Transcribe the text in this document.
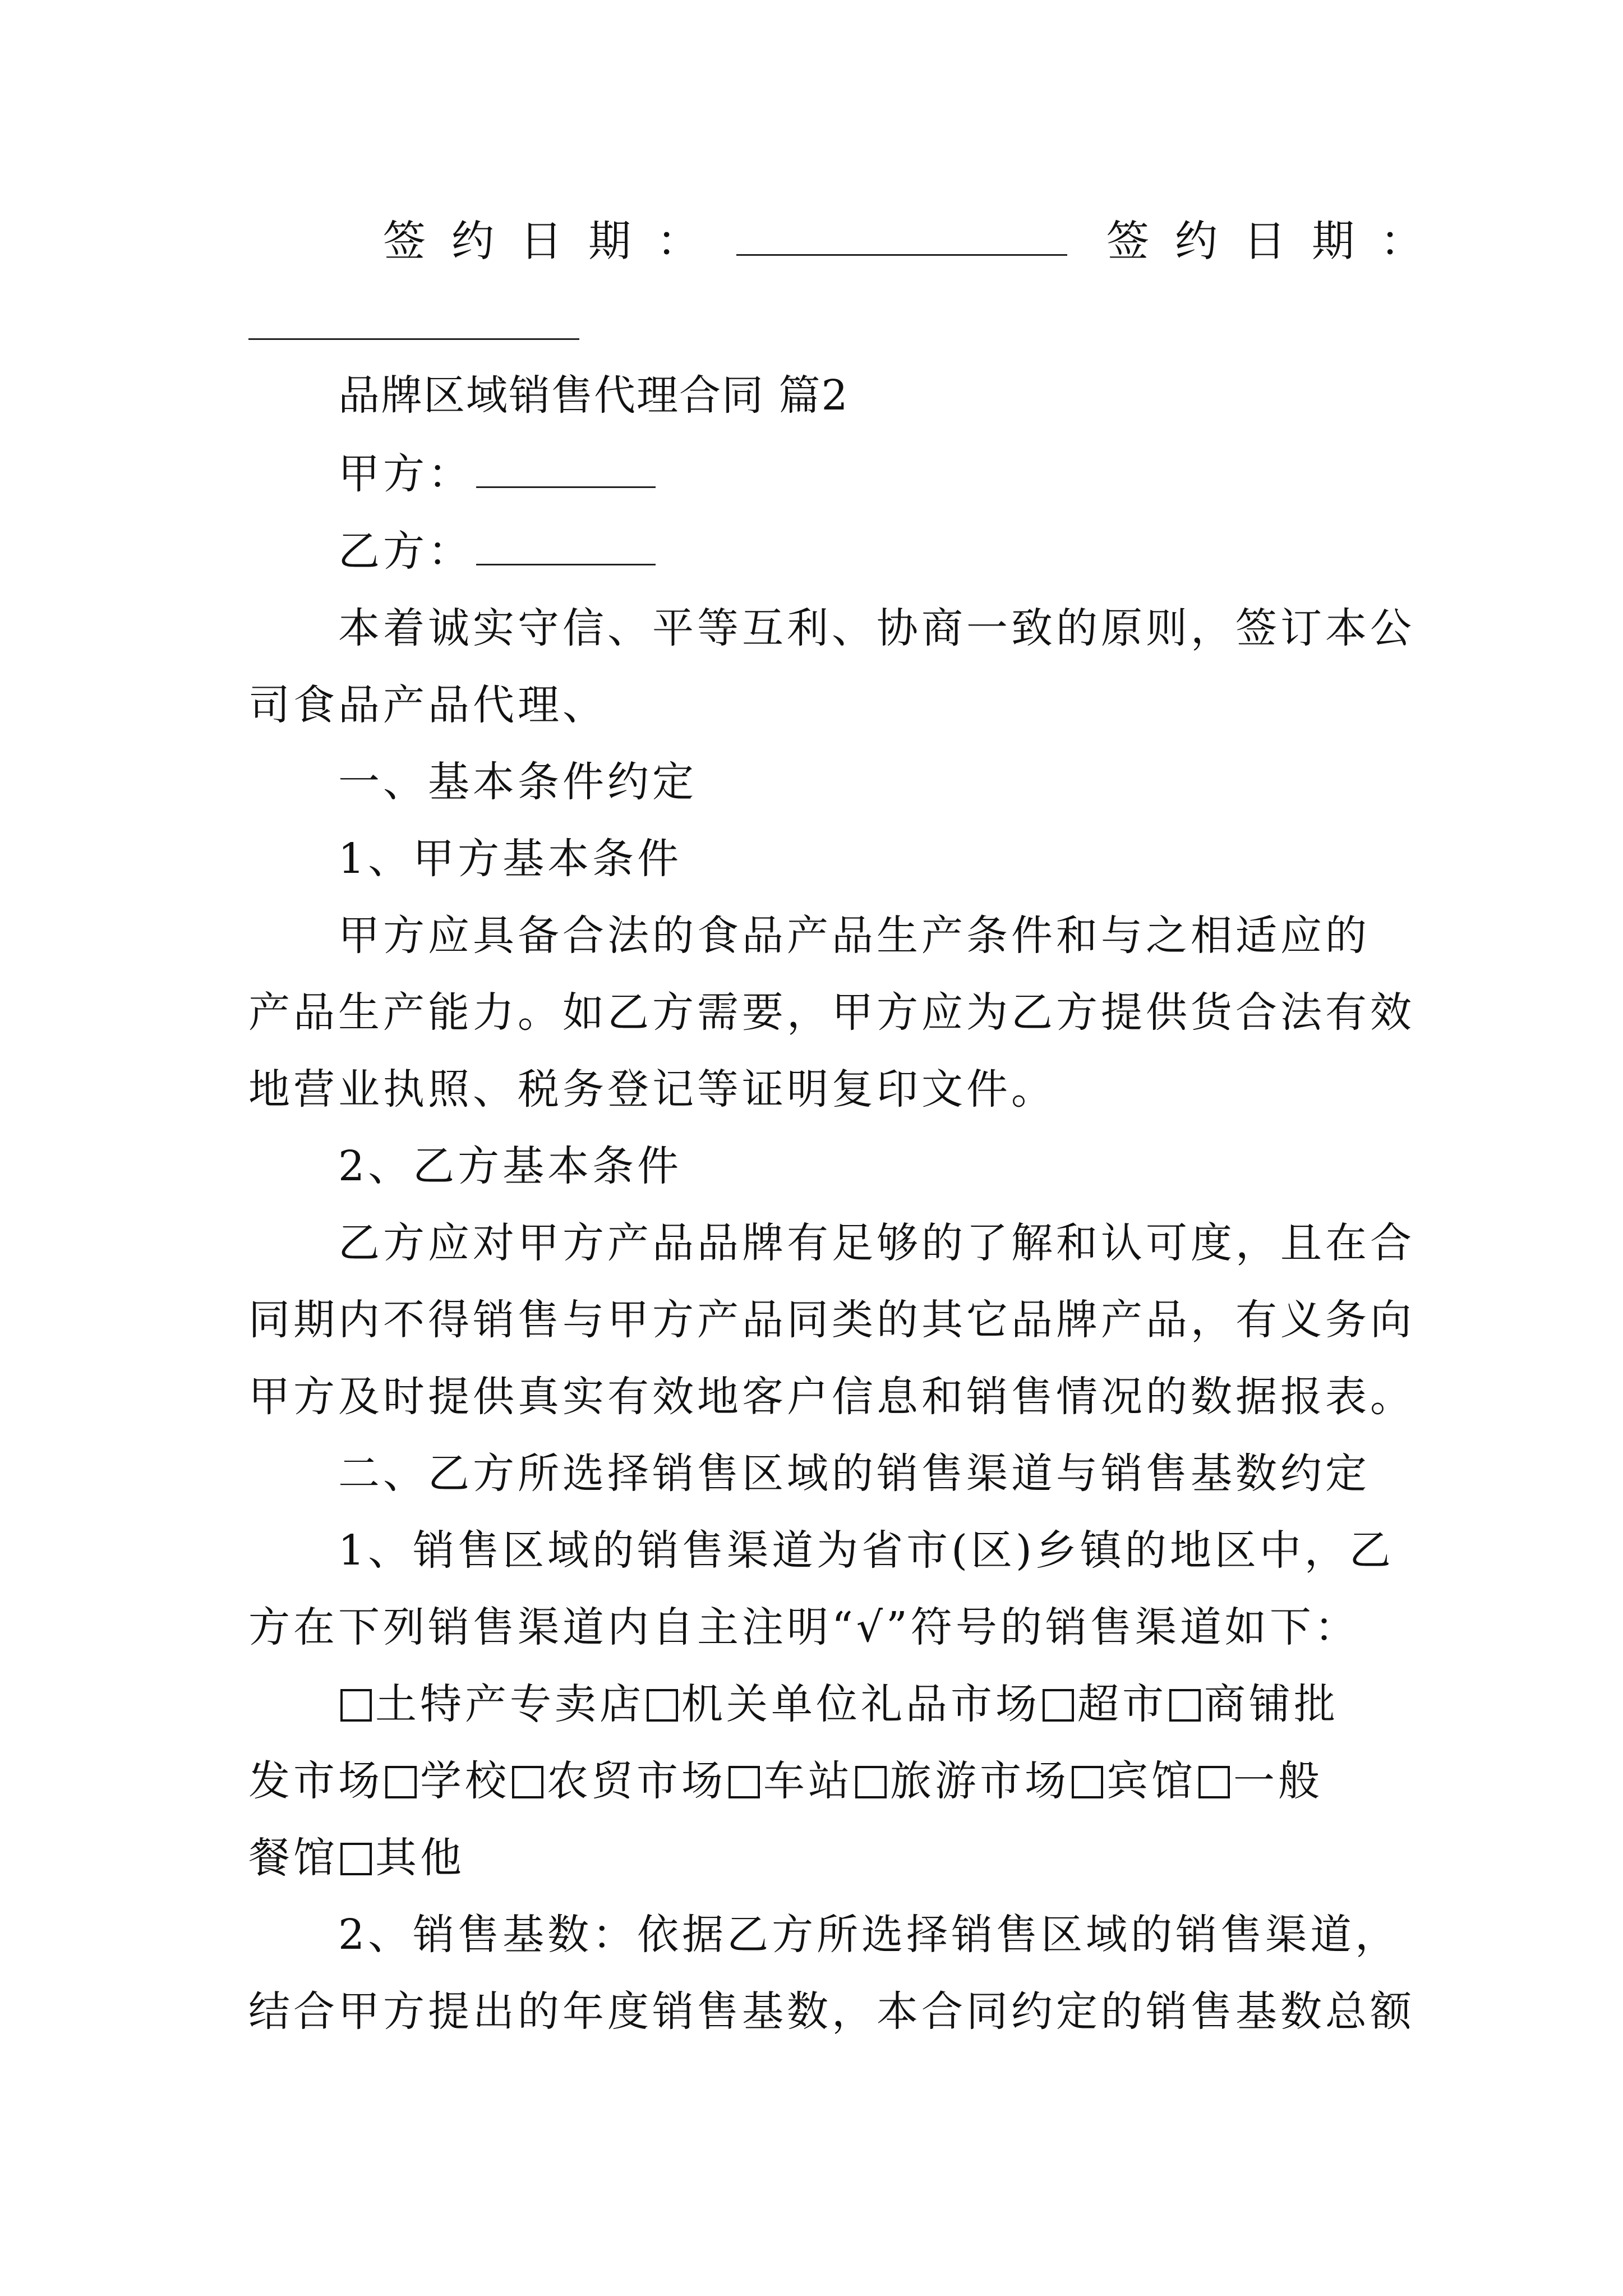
签约日期：	签约日期：
品牌区域销售代理合同 篇2
甲方：
乙方：
本着诚实守信、平等互利、协商一致的原则，签订本公
司食品产品代理、
一、基本条件约定
1、甲方基本条件
甲方应具备合法的食品产品生产条件和与之相适应的
产品生产能力。如乙方需要，甲方应为乙方提供货合法有效
地营业执照、税务登记等证明复印文件。
2、乙方基本条件
乙方应对甲方产品品牌有足够的了解和认可度，且在合
同期内不得销售与甲方产品同类的其它品牌产品，有义务向
甲方及时提供真实有效地客户信息和销售情况的数据报表。
二、乙方所选择销售区域的销售渠道与销售基数约定
1、销售区域的销售渠道为省市(区)乡镇的地区中，乙
方在下列销售渠道内自主注明“√”符号的销售渠道如下：
土特产专卖店 机关单位礼品市场 超市 商铺批
发市场 学校 农贸市场 车站 旅游市场 宾馆 一般
餐馆 其他
2、销售基数：依据乙方所选择销售区域的销售渠道，
结合甲方提出的年度销售基数，本合同约定的销售基数总额
